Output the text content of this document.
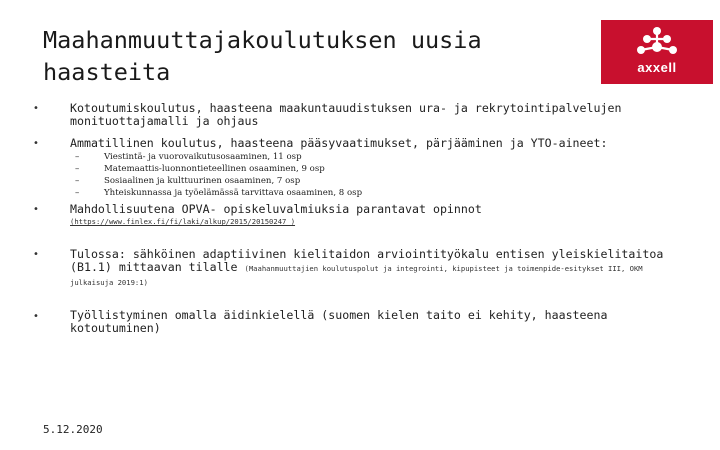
Maahanmuuttajakoulutuksen uusia haasteita	axxell
•	Kotoutumiskoulutus, haasteena maakuntauudistuksen ura- ja rekrytointipalvelujen monituottajamalli ja ohjaus
•	Ammatillinen koulutus, haasteena pääsyvaatimukset, pärjääminen ja YTO-aineet:
–	Viestintä- ja vuorovaikutusosaaminen, 11 osp
–	Matemaattis-luonnontieteellinen osaaminen, 9 osp
–	Sosiaalinen ja kulttuurinen osaaminen, 7 osp
–	Yhteiskunnassa ja työelämässä tarvittava osaaminen, 8 osp
•	Mahdollisuutena OPVA- opiskeluvalmiuksia parantavat opinnot
(https://www.finlex.fi/fi/laki/alkup/2015/20150247 )
•	Tulossa: sähköinen adaptiivinen kielitaidon arviointityökalu entisen yleiskielitaitoa (B1.1) mittaavan tilalle (Maahanmuuttajien koulutuspolut ja integrointi, kipupisteet ja toimenpide-esitykset III, OKM julkaisuja 2019:1)
•	Työllistyminen omalla äidinkielellä (suomen kielen taito ei kehity, haasteena kotoutuminen)
5.12.2020
